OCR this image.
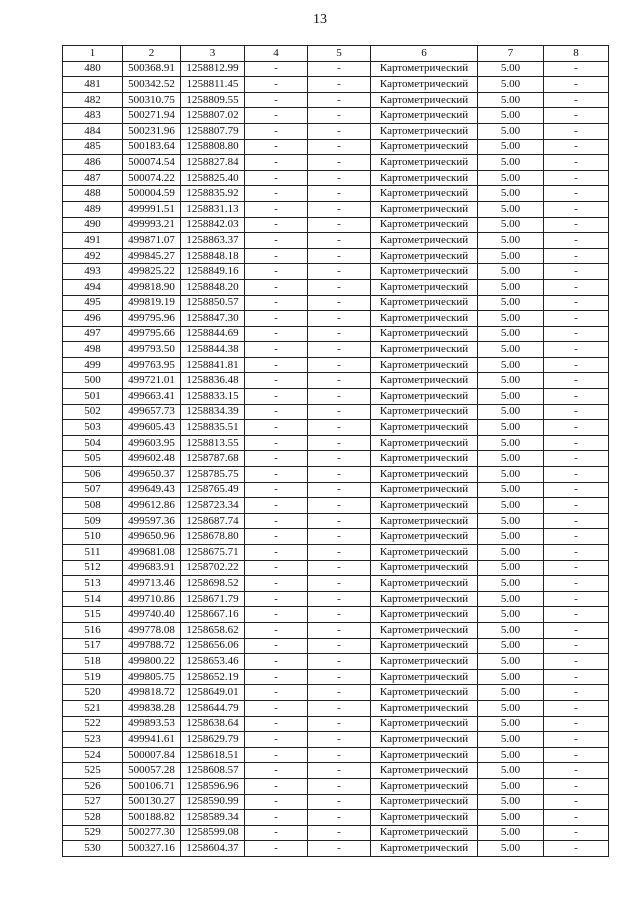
13
1	2	3	4	5	6	7	8
480	500368.91	1258812.99	-	-	Картометрический	5.00	-
481	500342.52	1258811.45	-	-	Картометрический	5.00	-
482	500310.75	1258809.55	-	-	Картометрический	5.00	-
483	500271.94	1258807.02	-	-	Картометрический	5.00	-
484	500231.96	1258807.79	-	-	Картометрический	5.00	-
485	500183.64	1258808.80	-	-	Картометрический	5.00	-
486	500074.54	1258827.84	-	-	Картометрический	5.00	-
487	500074.22	1258825.40	-	-	Картометрический	5.00	-
488	500004.59	1258835.92	-	-	Картометрический	5.00	-
489	499991.51	1258831.13	-	-	Картометрический	5.00	-
490	499993.21	1258842.03	-	-	Картометрический	5.00	-
491	499871.07	1258863.37	-	-	Картометрический	5.00	-
492	499845.27	1258848.18	-	-	Картометрический	5.00	-
493	499825.22	1258849.16	-	-	Картометрический	5.00	-
494	499818.90	1258848.20	-	-	Картометрический	5.00	-
495	499819.19	1258850.57	-	-	Картометрический	5.00	-
496	499795.96	1258847.30	-	-	Картометрический	5.00	-
497	499795.66	1258844.69	-	-	Картометрический	5.00	-
498	499793.50	1258844.38	-	-	Картометрический	5.00	-
499	499763.95	1258841.81	-	-	Картометрический	5.00	-
500	499721.01	1258836.48	-	-	Картометрический	5.00	-
501	499663.41	1258833.15	-	-	Картометрический	5.00	-
502	499657.73	1258834.39	-	-	Картометрический	5.00	-
503	499605.43	1258835.51	-	-	Картометрический	5.00	-
504	499603.95	1258813.55	-	-	Картометрический	5.00	-
505	499602.48	1258787.68	-	-	Картометрический	5.00	-
506	499650.37	1258785.75	-	-	Картометрический	5.00	-
507	499649.43	1258765.49	-	-	Картометрический	5.00	-
508	499612.86	1258723.34	-	-	Картометрический	5.00	-
509	499597.36	1258687.74	-	-	Картометрический	5.00	-
510	499650.96	1258678.80	-	-	Картометрический	5.00	-
511	499681.08	1258675.71	-	-	Картометрический	5.00	-
512	499683.91	1258702.22	-	-	Картометрический	5.00	-
513	499713.46	1258698.52	-	-	Картометрический	5.00	-
514	499710.86	1258671.79	-	-	Картометрический	5.00	-
515	499740.40	1258667.16	-	-	Картометрический	5.00	-
516	499778.08	1258658.62	-	-	Картометрический	5.00	-
517	499788.72	1258656.06	-	-	Картометрический	5.00	-
518	499800.22	1258653.46	-	-	Картометрический	5.00	-
519	499805.75	1258652.19	-	-	Картометрический	5.00	-
520	499818.72	1258649.01	-	-	Картометрический	5.00	-
521	499838.28	1258644.79	-	-	Картометрический	5.00	-
522	499893.53	1258638.64	-	-	Картометрический	5.00	-
523	499941.61	1258629.79	-	-	Картометрический	5.00	-
524	500007.84	1258618.51	-	-	Картометрический	5.00	-
525	500057.28	1258608.57	-	-	Картометрический	5.00	-
526	500106.71	1258596.96	-	-	Картометрический	5.00	-
527	500130.27	1258590.99	-	-	Картометрический	5.00	-
528	500188.82	1258589.34	-	-	Картометрический	5.00	-
529	500277.30	1258599.08	-	-	Картометрический	5.00	-
530	500327.16	1258604.37	-	-	Картометрический	5.00	-
